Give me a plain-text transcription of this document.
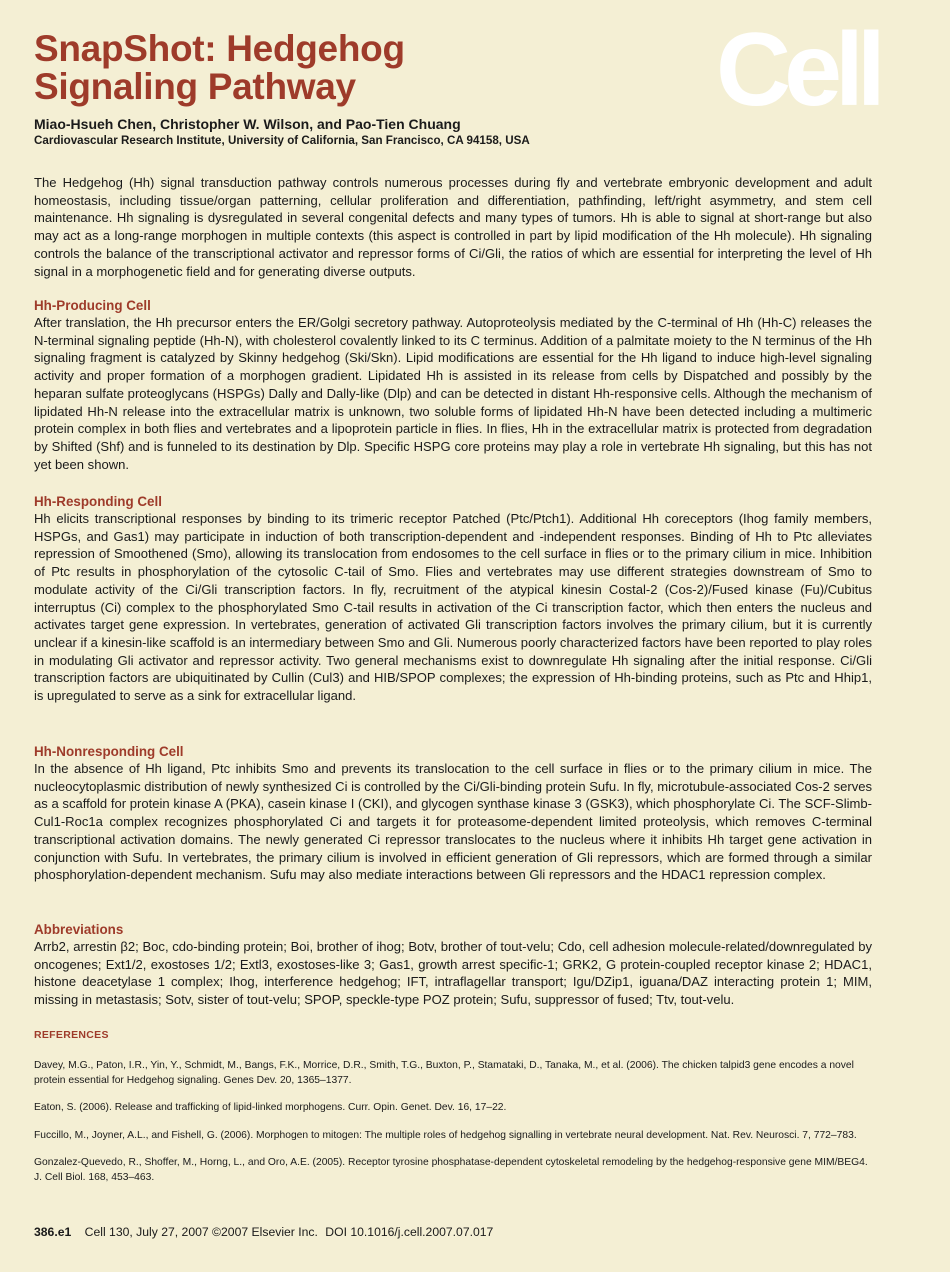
SnapShot: Hedgehog
Signaling Pathway
Miao-Hsueh Chen, Christopher W. Wilson, and Pao-Tien Chuang
Cardiovascular Research Institute, University of California, San Francisco, CA 94158, USA
Cell

The Hedgehog (Hh) signal transduction pathway controls numerous processes during fly and vertebrate embryonic development and adult homeostasis, including tissue/organ patterning, cellular proliferation and differentiation, pathfinding, left/right asymmetry, and stem cell maintenance. Hh signaling is dysregulated in several congenital defects and many types of tumors. Hh is able to signal at short-range but also may act as a long-range morphogen in multiple contexts (this aspect is controlled in part by lipid modification of the Hh molecule). Hh signaling controls the balance of the transcriptional activator and repressor forms of Ci/Gli, the ratios of which are essential for interpreting the level of Hh signal in a morphogenetic field and for generating diverse outputs.

Hh-Producing Cell

After translation, the Hh precursor enters the ER/Golgi secretory pathway. Autoproteolysis mediated by the C-terminal of Hh (Hh-C) releases the N-terminal signaling peptide (Hh-N), with cholesterol covalently linked to its C terminus. Addition of a palmitate moiety to the N terminus of the Hh signaling fragment is catalyzed by Skinny hedgehog (Ski/Skn). Lipid modifications are essential for the Hh ligand to induce high-level signaling activity and proper formation of a morphogen gradient. Lipidated Hh is assisted in its release from cells by Dispatched and possibly by the heparan sulfate proteoglycans (HSPGs) Dally and Dally-like (Dlp) and can be detected in distant Hh-responsive cells. Although the mechanism of lipidated Hh-N release into the extracellular matrix is unknown, two soluble forms of lipidated Hh-N have been detected including a multimeric protein complex in both flies and vertebrates and a lipoprotein particle in flies. In flies, Hh in the extracellular matrix is protected from degradation by Shifted (Shf) and is funneled to its destination by Dlp. Specific HSPG core proteins may play a role in vertebrate Hh signaling, but this has not yet been shown.

Hh-Responding Cell

Hh elicits transcriptional responses by binding to its trimeric receptor Patched (Ptc/Ptch1). Additional Hh coreceptors (Ihog family members, HSPGs, and Gas1) may participate in induction of both transcription-dependent and -independent responses. Binding of Hh to Ptc alleviates repression of Smoothened (Smo), allowing its translocation from endosomes to the cell surface in flies or to the primary cilium in mice. Inhibition of Ptc results in phosphorylation of the cytosolic C-tail of Smo. Flies and vertebrates may use different strategies downstream of Smo to modulate activity of the Ci/Gli transcription factors. In fly, recruitment of the atypical kinesin Costal-2 (Cos-2)/Fused kinase (Fu)/Cubitus interruptus (Ci) complex to the phosphorylated Smo C-tail results in activation of the Ci transcription factor, which then enters the nucleus and activates target gene expression. In vertebrates, generation of activated Gli transcription factors involves the primary cilium, but it is currently unclear if a kinesin-like scaffold is an intermediary between Smo and Gli. Numerous poorly characterized factors have been reported to play roles in modulating Gli activator and repressor activity. Two general mechanisms exist to downregulate Hh signaling after the initial response. Ci/Gli transcription factors are ubiquitinated by Cullin (Cul3) and HIB/SPOP complexes; the expression of Hh-binding proteins, such as Ptc and Hhip1, is upregulated to serve as a sink for extracellular ligand.

Hh-Nonresponding Cell

In the absence of Hh ligand, Ptc inhibits Smo and prevents its translocation to the cell surface in flies or to the primary cilium in mice. The nucleocytoplasmic distribution of newly synthesized Ci is controlled by the Ci/Gli-binding protein Sufu. In fly, microtubule-associated Cos-2 serves as a scaffold for protein kinase A (PKA), casein kinase I (CKI), and glycogen synthase kinase 3 (GSK3), which phosphorylate Ci. The SCF-Slimb-Cul1-Roc1a complex recognizes phosphorylated Ci and targets it for proteasome-dependent limited proteolysis, which removes C-terminal transcriptional activation domains. The newly generated Ci repressor translocates to the nucleus where it inhibits Hh target gene activation in conjunction with Sufu. In vertebrates, the primary cilium is involved in efficient generation of Gli repressors, which are formed through a similar phosphorylation-dependent mechanism. Sufu may also mediate interactions between Gli repressors and the HDAC1 repression complex.

Abbreviations

Arrb2, arrestin β2; Boc, cdo-binding protein; Boi, brother of ihog; Botv, brother of tout-velu; Cdo, cell adhesion molecule-related/downregulated by oncogenes; Ext1/2, exostoses 1/2; Extl3, exostoses-like 3; Gas1, growth arrest specific-1; GRK2, G protein-coupled receptor kinase 2; HDAC1, histone deacetylase 1 complex; Ihog, interference hedgehog; IFT, intraflagellar transport; Igu/DZip1, iguana/DAZ interacting protein 1; MIM, missing in metastasis; Sotv, sister of tout-velu; SPOP, speckle-type POZ protein; Sufu, suppressor of fused; Ttv, tout-velu.

REFERENCES

Davey, M.G., Paton, I.R., Yin, Y., Schmidt, M., Bangs, F.K., Morrice, D.R., Smith, T.G., Buxton, P., Stamataki, D., Tanaka, M., et al. (2006). The chicken talpid3 gene encodes a novel protein essential for Hedgehog signaling. Genes Dev. 20, 1365–1377.

Eaton, S. (2006). Release and trafficking of lipid-linked morphogens. Curr. Opin. Genet. Dev. 16, 17–22.

Fuccillo, M., Joyner, A.L., and Fishell, G. (2006). Morphogen to mitogen: The multiple roles of hedgehog signalling in vertebrate neural development. Nat. Rev. Neurosci. 7, 772–783.

Gonzalez-Quevedo, R., Shoffer, M., Horng, L., and Oro, A.E. (2005). Receptor tyrosine phosphatase-dependent cytoskeletal remodeling by the hedgehog-responsive gene MIM/BEG4. J. Cell Biol. 168, 453–463.

386.e1 Cell 130, July 27, 2007 ©2007 Elsevier Inc. DOI 10.1016/j.cell.2007.07.017
